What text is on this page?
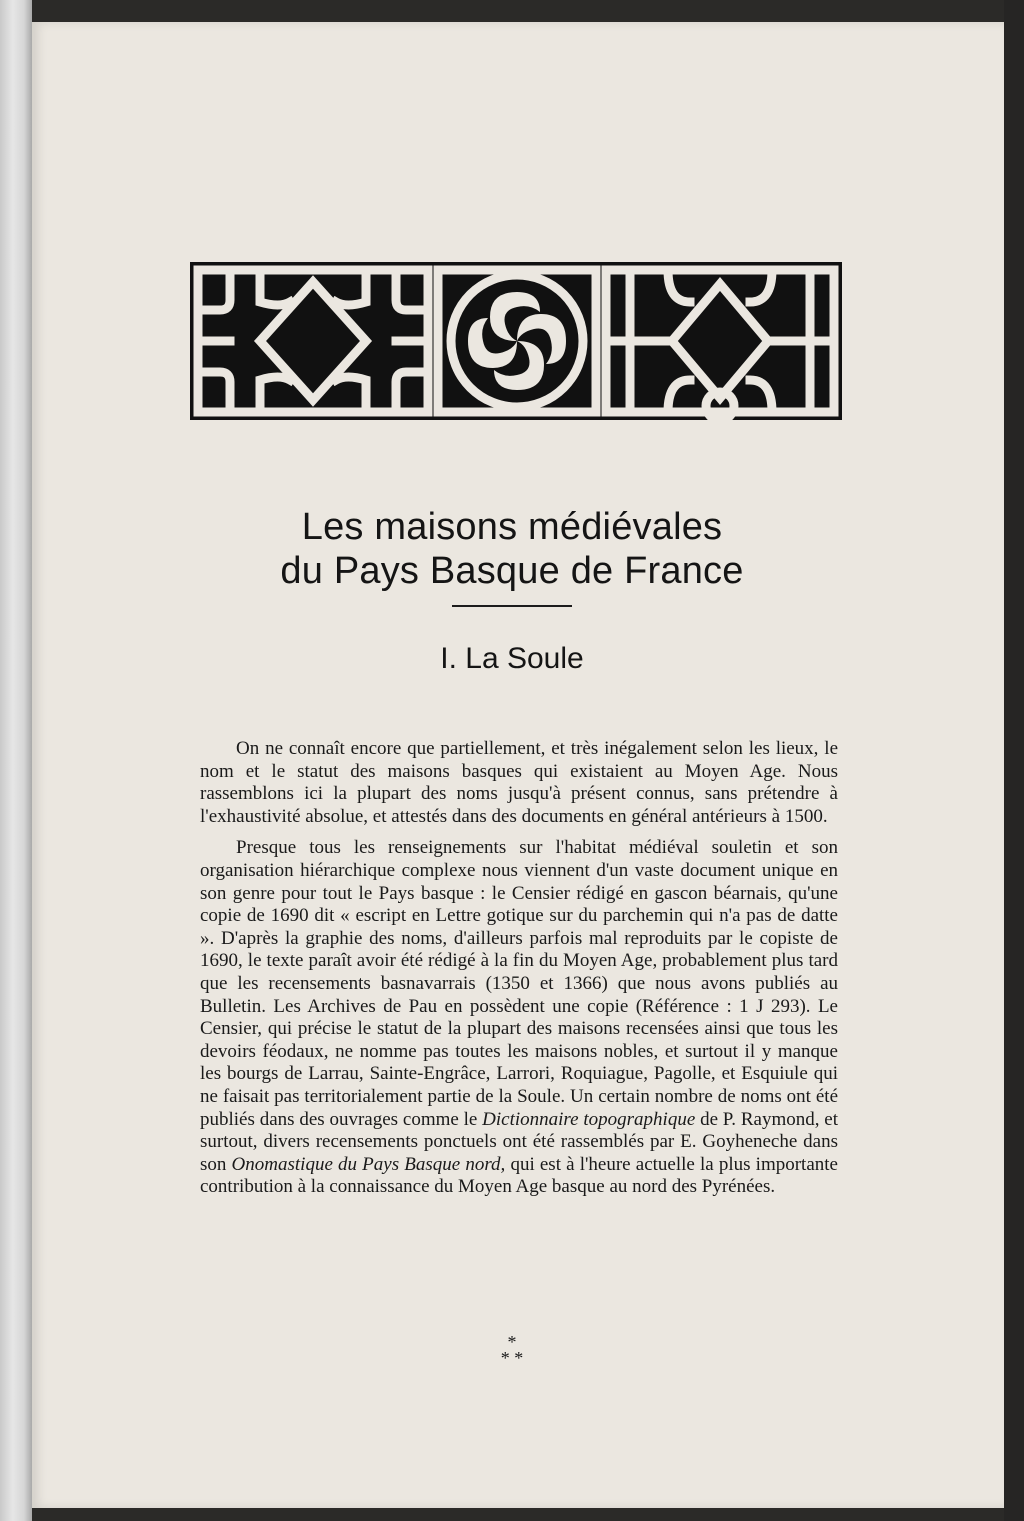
Les maisons médiévales
du Pays Basque de France
I. La Soule

On ne connaît encore que partiellement, et très inégalement selon les lieux, le nom et le statut des maisons basques qui existaient au Moyen Age. Nous rassemblons ici la plupart des noms jusqu'à présent connus, sans prétendre à l'exhaustivité absolue, et attestés dans des documents en général antérieurs à 1500.

Presque tous les renseignements sur l'habitat médiéval souletin et son organisation hiérarchique complexe nous viennent d'un vaste document unique en son genre pour tout le Pays basque : le Censier rédigé en gascon béarnais, qu'une copie de 1690 dit « escript en Lettre gotique sur du parchemin qui n'a pas de datte ». D'après la graphie des noms, d'ailleurs parfois mal reproduits par le copiste de 1690, le texte paraît avoir été rédigé à la fin du Moyen Age, probablement plus tard que les recensements basnavarrais (1350 et 1366) que nous avons publiés au Bulletin. Les Archives de Pau en possèdent une copie (Référence : 1 J 293). Le Censier, qui précise le statut de la plupart des maisons recensées ainsi que tous les devoirs féodaux, ne nomme pas toutes les maisons nobles, et surtout il y manque les bourgs de Larrau, Sainte-Engrâce, Larrori, Roquiague, Pagolle, et Esquiule qui ne faisait pas territorialement partie de la Soule. Un certain nombre de noms ont été publiés dans des ouvrages comme le Dictionnaire topographique de P. Raymond, et surtout, divers recensements ponctuels ont été rassemblés par E. Goyheneche dans son Onomastique du Pays Basque nord, qui est à l'heure actuelle la plus importante contribution à la connaissance du Moyen Age basque au nord des Pyrénées.

*
* *
